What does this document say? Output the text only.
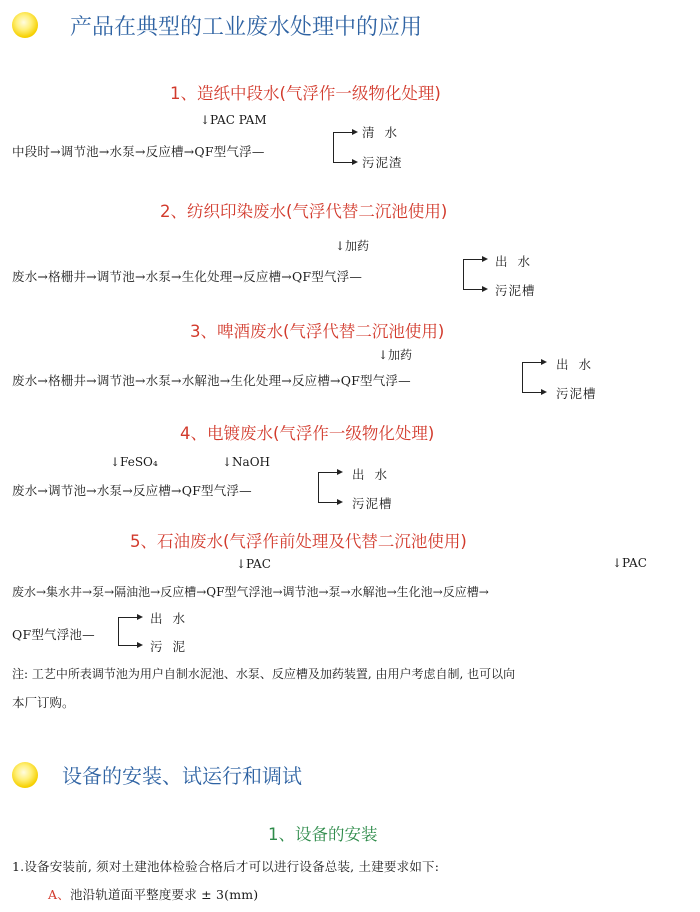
产品在典型的工业废水处理中的应用
1、造纸中段水(气浮作一级物化处理)
↓PAC PAM
中段时→调节池→水泵→反应槽→QF型气浮—
清 水
污泥渣
2、纺织印染废水(气浮代替二沉池使用)
↓加药
废水→格栅井→调节池→水泵→生化处理→反应槽→QF型气浮—
出 水
污泥槽
3、啤酒废水(气浮代替二沉池使用)
↓加药
废水→格栅井→调节池→水泵→水解池→生化处理→反应槽→QF型气浮—
出 水
污泥槽
4、电镀废水(气浮作一级物化处理)
↓FeSO₄	↓NaOH
废水→调节池→水泵→反应槽→QF型气浮—
出 水
污泥槽
5、石油废水(气浮作前处理及代替二沉池使用)
↓PAC	↓PAC
废水→集水井→泵→隔油池→反应槽→QF型气浮池→调节池→泵→水解池→生化池→反应槽→
QF型气浮池—
出 水
污 泥
注: 工艺中所表调节池为用户自制水泥池、水泵、反应槽及加药装置, 由用户考虑自制, 也可以向
本厂订购。
设备的安装、试运行和调试
1、设备的安装
1.设备安装前, 须对土建池体检验合格后才可以进行设备总装, 土建要求如下:
A、池沿轨道面平整度要求 ± 3(mm)
